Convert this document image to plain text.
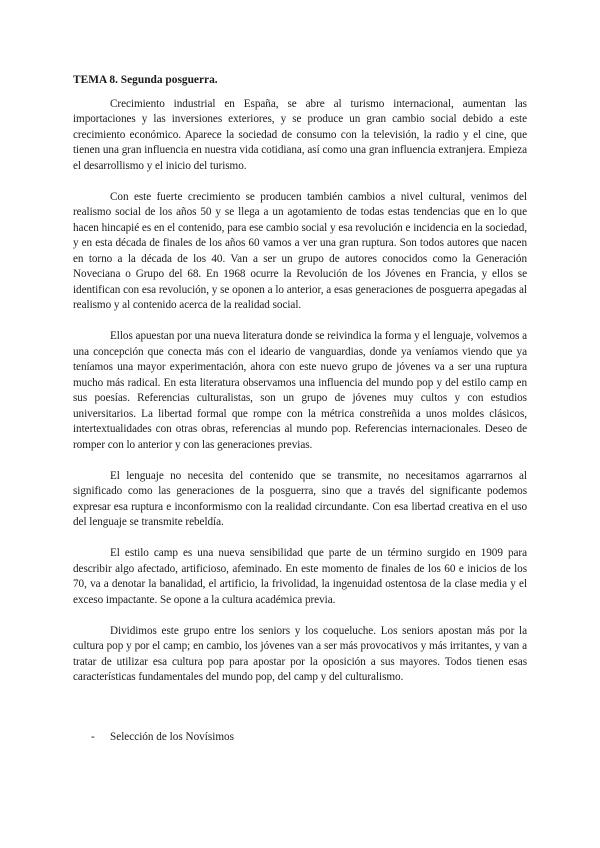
TEMA 8. Segunda posguerra.

Crecimiento industrial en España, se abre al turismo internacional, aumentan las importaciones y las inversiones exteriores, y se produce un gran cambio social debido a este crecimiento económico. Aparece la sociedad de consumo con la televisión, la radio y el cine, que tienen una gran influencia en nuestra vida cotidiana, así como una gran influencia extranjera. Empieza el desarrollismo y el inicio del turismo.

Con este fuerte crecimiento se producen también cambios a nivel cultural, venimos del realismo social de los años 50 y se llega a un agotamiento de todas estas tendencias que en lo que hacen hincapié es en el contenido, para ese cambio social y esa revolución e incidencia en la sociedad, y en esta década de finales de los años 60 vamos a ver una gran ruptura. Son todos autores que nacen en torno a la década de los 40. Van a ser un grupo de autores conocidos como la Generación Noveciana o Grupo del 68. En 1968 ocurre la Revolución de los Jóvenes en Francia, y ellos se identifican con esa revolución, y se oponen a lo anterior, a esas generaciones de posguerra apegadas al realismo y al contenido acerca de la realidad social.

Ellos apuestan por una nueva literatura donde se reivindica la forma y el lenguaje, volvemos a una concepción que conecta más con el ideario de vanguardias, donde ya veníamos viendo que ya teníamos una mayor experimentación, ahora con este nuevo grupo de jóvenes va a ser una ruptura mucho más radical. En esta literatura observamos una influencia del mundo pop y del estilo camp en sus poesías. Referencias culturalistas, son un grupo de jóvenes muy cultos y con estudios universitarios. La libertad formal que rompe con la métrica constreñida a unos moldes clásicos, intertextualidades con otras obras, referencias al mundo pop. Referencias internacionales. Deseo de romper con lo anterior y con las generaciones previas.

El lenguaje no necesita del contenido que se transmite, no necesitamos agarrarnos al significado como las generaciones de la posguerra, sino que a través del significante podemos expresar esa ruptura e inconformismo con la realidad circundante. Con esa libertad creativa en el uso del lenguaje se transmite rebeldía.

El estilo camp es una nueva sensibilidad que parte de un término surgido en 1909 para describir algo afectado, artificioso, afeminado. En este momento de finales de los 60 e inicios de los 70, va a denotar la banalidad, el artificio, la frivolidad, la ingenuidad ostentosa de la clase media y el exceso impactante. Se opone a la cultura académica previa.

Dividimos este grupo entre los seniors y los coqueluche. Los seniors apostan más por la cultura pop y por el camp; en cambio, los jóvenes van a ser más provocativos y más irritantes, y van a tratar de utilizar esa cultura pop para apostar por la oposición a sus mayores. Todos tienen esas características fundamentales del mundo pop, del camp y del culturalismo.

- Selección de los Novísimos
